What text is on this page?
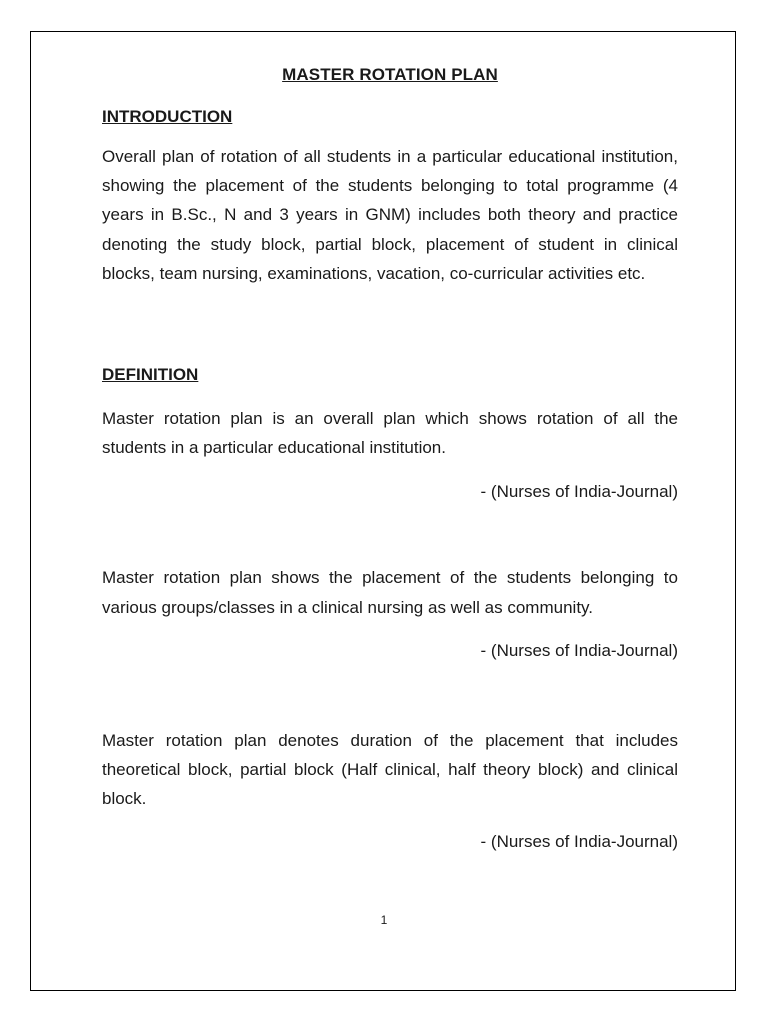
MASTER ROTATION PLAN
INTRODUCTION

Overall plan of rotation of all students in a particular educational institution, showing the placement of the students belonging to total programme (4 years in B.Sc., N and 3 years in GNM) includes both theory and practice denoting the study block, partial block, placement of student in clinical blocks, team nursing, examinations, vacation, co-curricular activities etc.

DEFINITION

Master rotation plan is an overall plan which shows rotation of all the students in a particular educational institution.

- (Nurses of India-Journal)

Master rotation plan shows the placement of the students belonging to various groups/classes in a clinical nursing as well as community.

- (Nurses of India-Journal)

Master rotation plan denotes duration of the placement that includes theoretical block, partial block (Half clinical, half theory block) and clinical block.

- (Nurses of India-Journal)

1
